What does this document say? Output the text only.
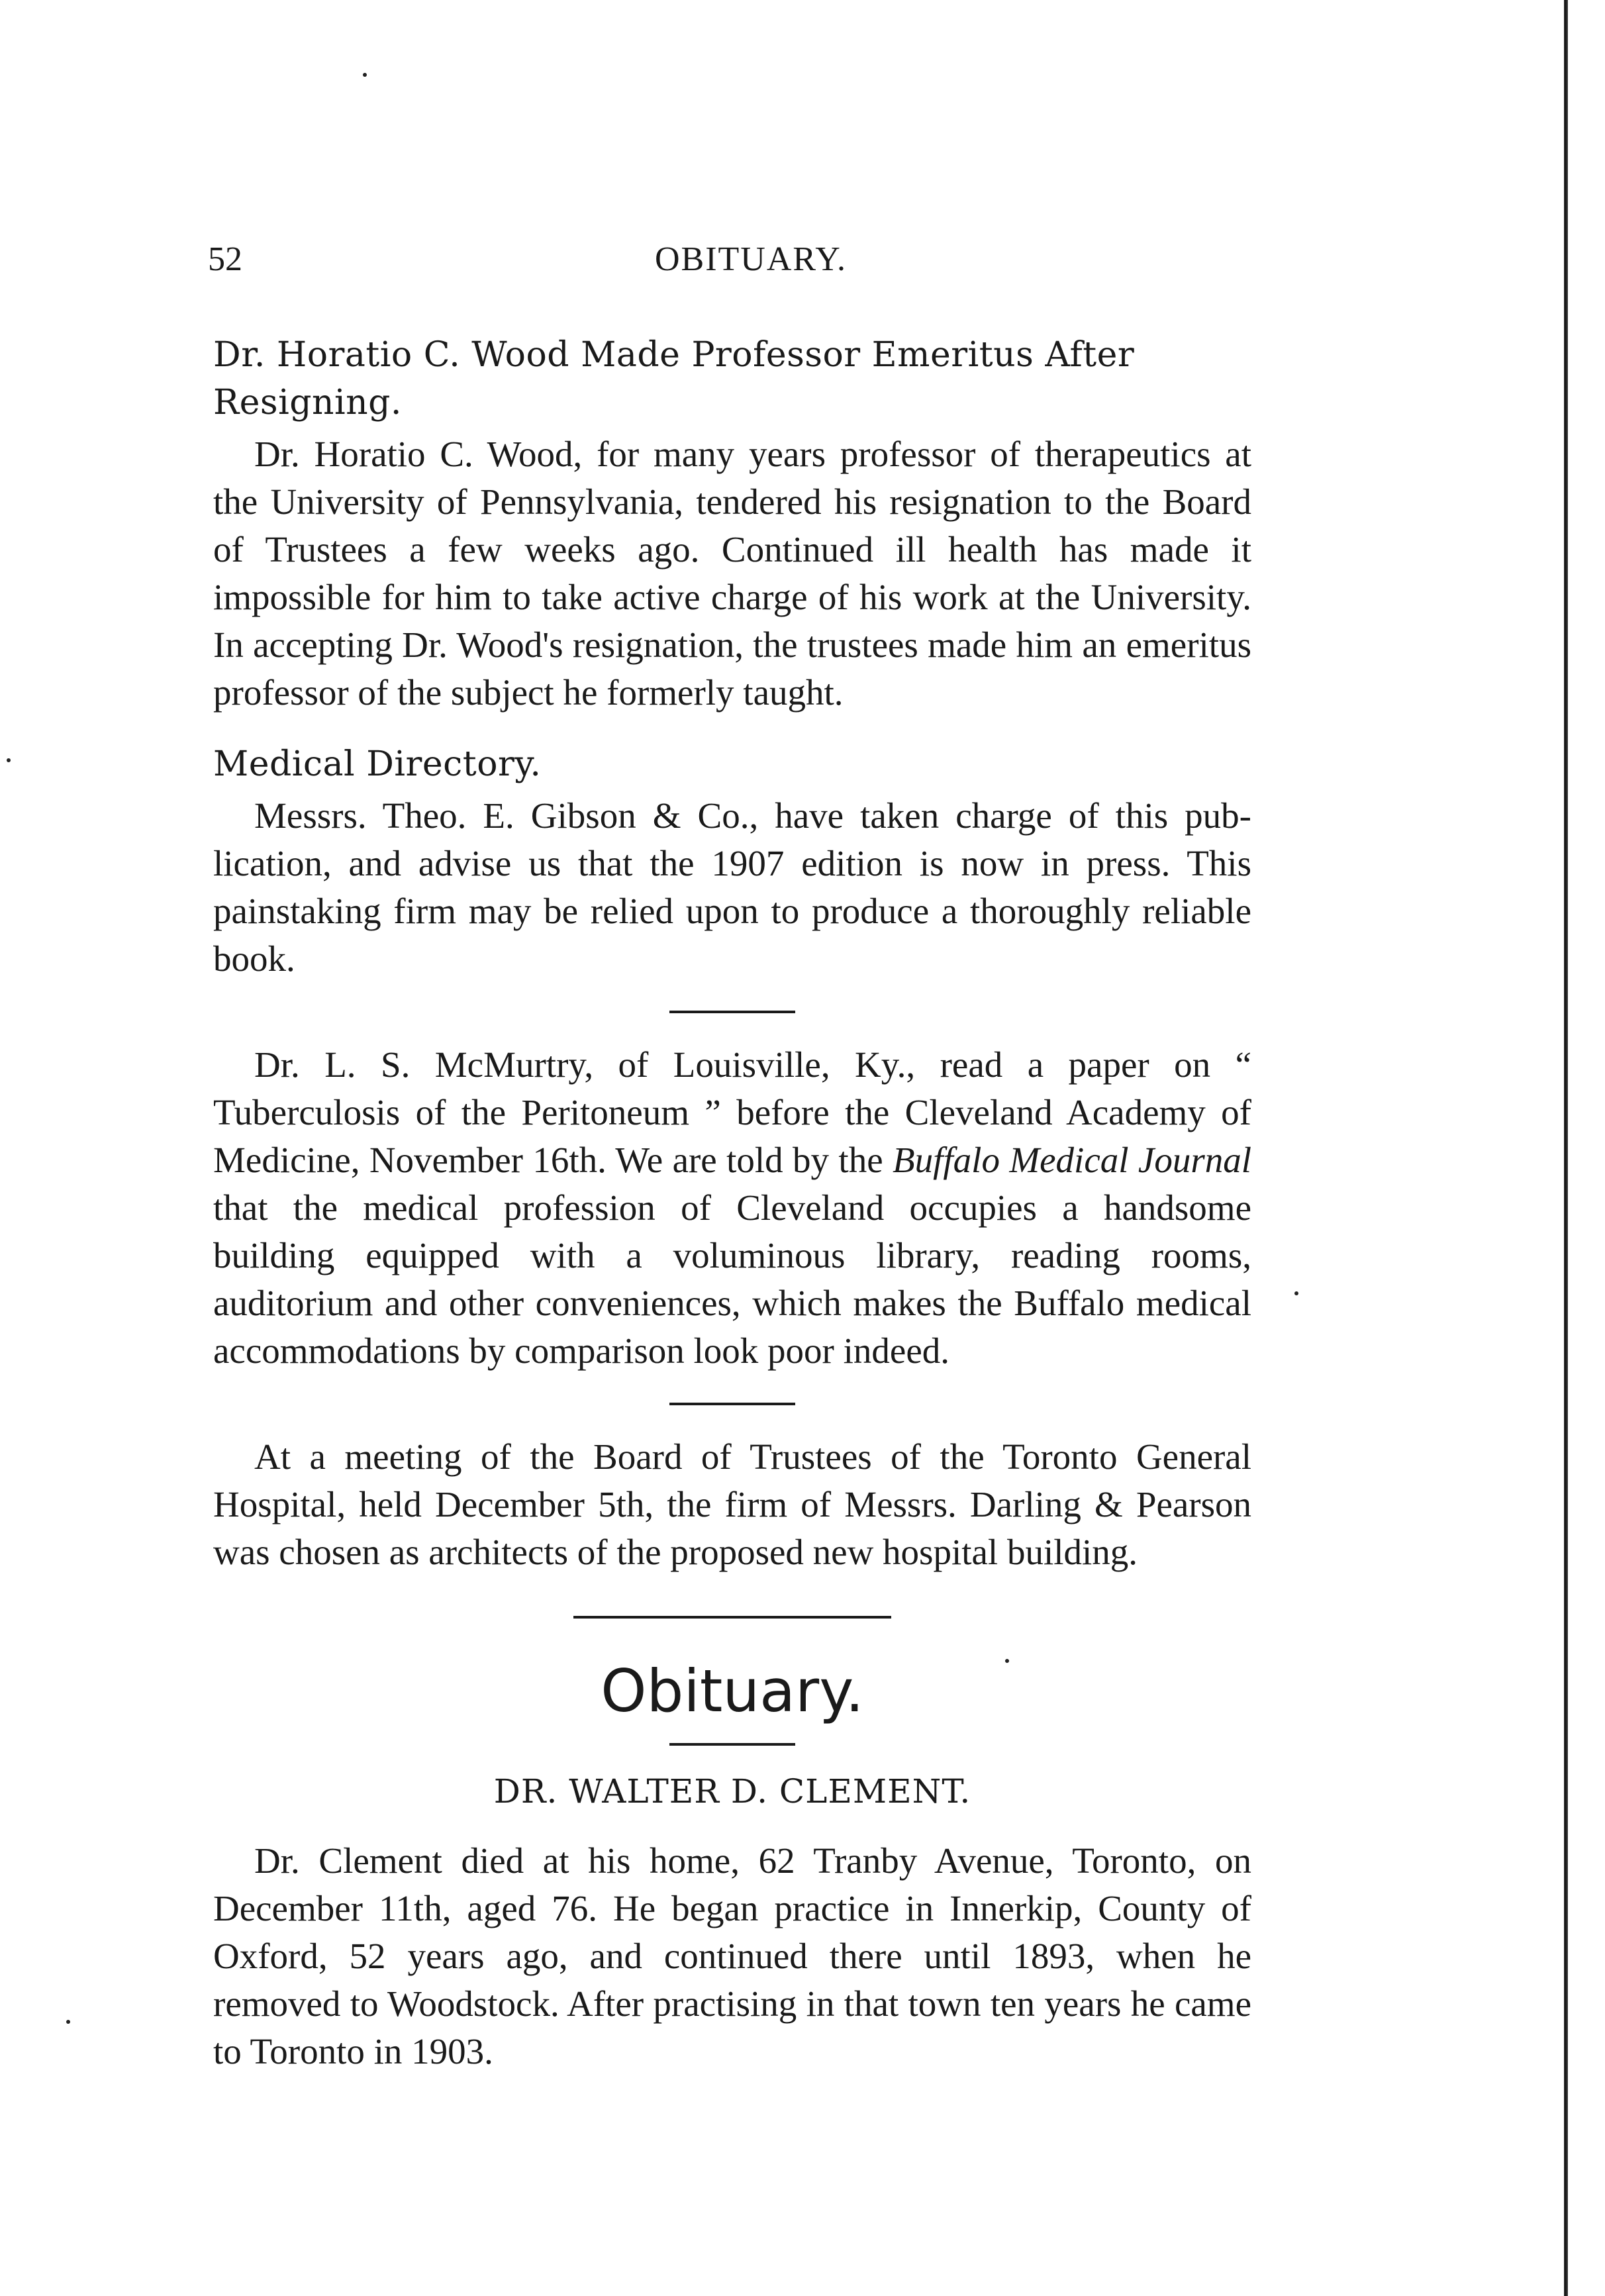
52	OBITUARY.
Dr. Horatio C. Wood Made Professor Emeritus After Resigning.

Dr. Horatio C. Wood, for many years professor of therapeutics at the University of Pennsylvania, tendered his resignation to the Board of Trustees a few weeks ago. Continued ill health has made it impossible for him to take active charge of his work at the University. In accepting Dr. Wood's resignation, the trustees made him an emeritus professor of the subject he formerly taught.

Medical Directory.

Messrs. Theo. E. Gibson & Co., have taken charge of this publication, and advise us that the 1907 edition is now in press. This painstaking firm may be relied upon to produce a thoroughly reliable book.

Dr. L. S. McMurtry, of Louisville, Ky., read a paper on “ Tuberculosis of the Peritoneum ” before the Cleveland Academy of Medicine, November 16th. We are told by the Buffalo Medical Journal that the medical profession of Cleveland occupies a handsome building equipped with a voluminous library, reading rooms, auditorium and other conveniences, which makes the Buffalo medical accommodations by comparison look poor indeed.

At a meeting of the Board of Trustees of the Toronto General Hospital, held December 5th, the firm of Messrs. Darling & Pearson was chosen as architects of the proposed new hospital building.

Obituary.
DR. WALTER D. CLEMENT.

Dr. Clement died at his home, 62 Tranby Avenue, Toronto, on December 11th, aged 76. He began practice in Innerkip, County of Oxford, 52 years ago, and continued there until 1893, when he removed to Woodstock. After practising in that town ten years he came to Toronto in 1903.
